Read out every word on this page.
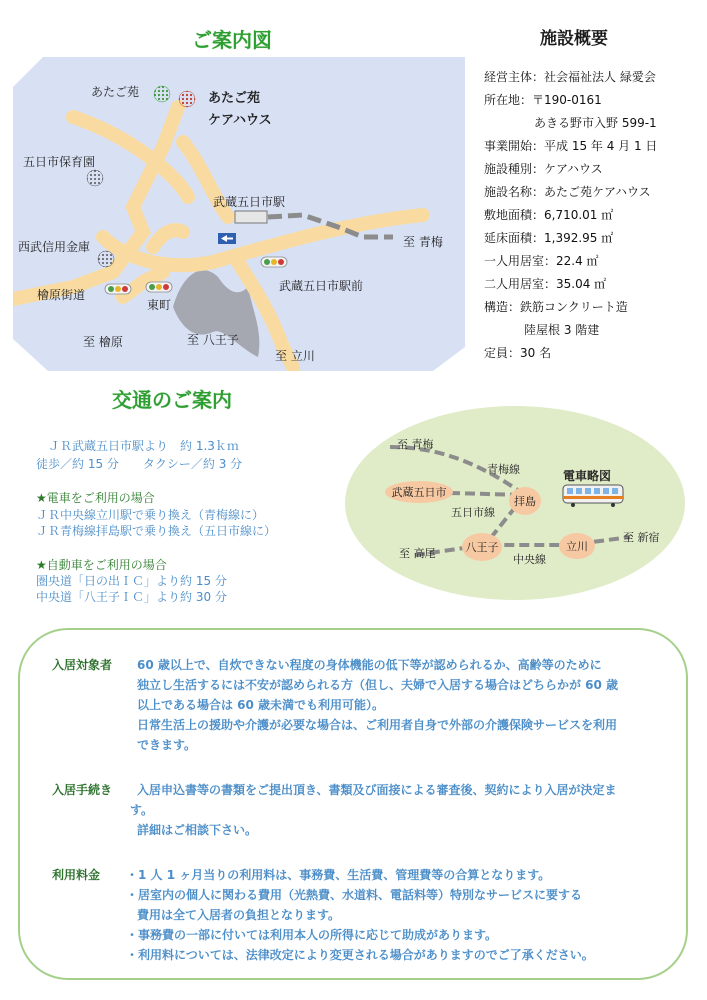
ご案内図
あたご苑	あたご苑
ケアハウス
五日市保育園
武蔵五日市駅
至 青梅
西武信用金庫
檜原街道
東町
武蔵五日市駅前
至 檜原	至 八王子
至 立川
施設概要
経営主体：社会福祉法人 緑愛会
所在地：〒190-0161
あきる野市入野 599-1
事業開始：平成 15 年 4 月 1 日
施設種別：ケアハウス
施設名称：あたご苑ケアハウス
敷地面積：6,710.01 ㎡
延床面積：1,392.95 ㎡
一人用居室：22.4 ㎡
二人用居室：35.04 ㎡
構造：鉄筋コンクリート造
陸屋根 3 階建
定員：30 名
交通のご案内
ＪＲ武蔵五日市駅より　約 1.3ｋｍ
徒歩／約 15 分　　タクシー／約 3 分
★電車をご利用の場合
ＪＲ中央線立川駅で乗り換え（青梅線に）
ＪＲ青梅線拝島駅で乗り換え（五日市線に）
★自動車をご利用の場合
圏央道「日の出ＩＣ」より約 15 分
中央道「八王子ＩＣ」より約 30 分
至 青梅
青梅線	電車略図
武蔵五日市
拝島
五日市線
至 高尾	八王子	立川
至 新宿
中央線
入居対象者 60 歳以上で、自炊できない程度の身体機能の低下等が認められるか、高齢等のために
独立し生活するには不安が認められる方（但し、夫婦で入居する場合はどちらかが 60 歳
以上である場合は 60 歳未満でも利用可能）。
日常生活上の援助や介護が必要な場合は、ご利用者自身で外部の介護保険サービスを利用
できます。
入居手続き 入居申込書等の書類をご提出頂き、書類及び面接による審査後、契約により入居が決定ま
す。
詳細はご相談下さい。
利用料金 ・1 人 1 ヶ月当りの利用料は、事務費、生活費、管理費等の合算となります。
・居室内の個人に関わる費用（光熱費、水道料、電話料等）特別なサービスに要する
費用は全て入居者の負担となります。
・事務費の一部に付いては利用本人の所得に応じて助成があります。
・利用料については、法律改定により変更される場合がありますのでご了承ください。
